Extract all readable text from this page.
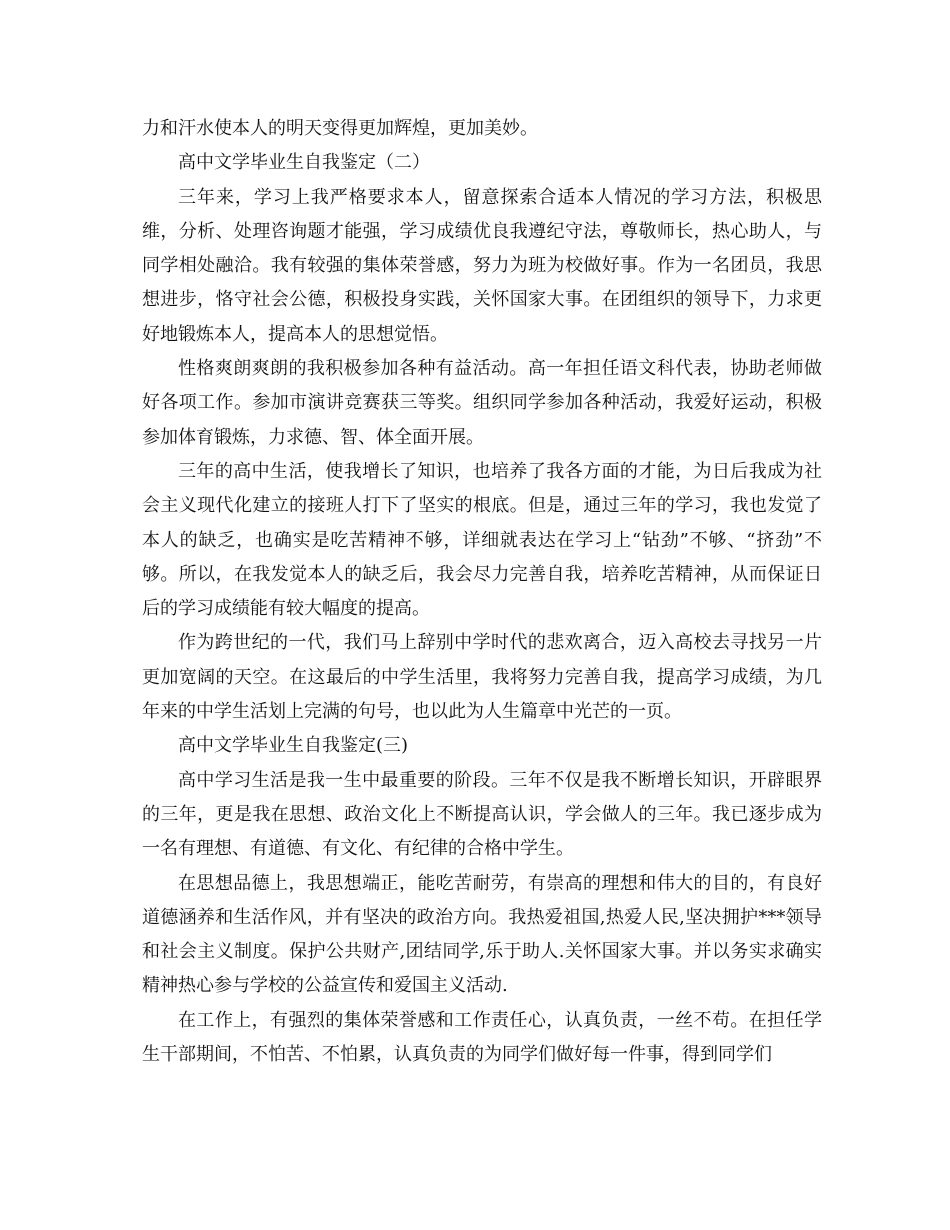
力和汗水使本人的明天变得更加辉煌，更加美妙。

高中文学毕业生自我鉴定（二）

三年来，学习上我严格要求本人，留意探索合适本人情况的学习方法，积极思维，分析、处理咨询题才能强，学习成绩优良我遵纪守法，尊敬师长，热心助人，与同学相处融洽。我有较强的集体荣誉感，努力为班为校做好事。作为一名团员，我思想进步，恪守社会公德，积极投身实践，关怀国家大事。在团组织的领导下，力求更好地锻炼本人，提高本人的思想觉悟。

性格爽朗爽朗的我积极参加各种有益活动。高一年担任语文科代表，协助老师做好各项工作。参加市演讲竞赛获三等奖。组织同学参加各种活动，我爱好运动，积极参加体育锻炼，力求德、智、体全面开展。

三年的高中生活，使我增长了知识，也培养了我各方面的才能，为日后我成为社会主义现代化建立的接班人打下了坚实的根底。但是，通过三年的学习，我也发觉了本人的缺乏，也确实是吃苦精神不够，详细就表达在学习上“钻劲”不够、“挤劲”不够。所以，在我发觉本人的缺乏后，我会尽力完善自我，培养吃苦精神，从而保证日后的学习成绩能有较大幅度的提高。

作为跨世纪的一代，我们马上辞别中学时代的悲欢离合，迈入高校去寻找另一片更加宽阔的天空。在这最后的中学生活里，我将努力完善自我，提高学习成绩，为几年来的中学生活划上完满的句号，也以此为人生篇章中光芒的一页。

高中文学毕业生自我鉴定(三)

高中学习生活是我一生中最重要的阶段。三年不仅是我不断增长知识，开辟眼界的三年，更是我在思想、政治文化上不断提高认识，学会做人的三年。我已逐步成为一名有理想、有道德、有文化、有纪律的合格中学生。

在思想品德上，我思想端正，能吃苦耐劳，有崇高的理想和伟大的目的，有良好道德涵养和生活作风，并有坚决的政治方向。我热爱祖国,热爱人民,坚决拥护***领导和社会主义制度。保护公共财产,团结同学,乐于助人.关怀国家大事。并以务实求确实精神热心参与学校的公益宣传和爱国主义活动.

在工作上，有强烈的集体荣誉感和工作责任心，认真负责，一丝不苟。在担任学生干部期间，不怕苦、不怕累，认真负责的为同学们做好每一件事，得到同学们
